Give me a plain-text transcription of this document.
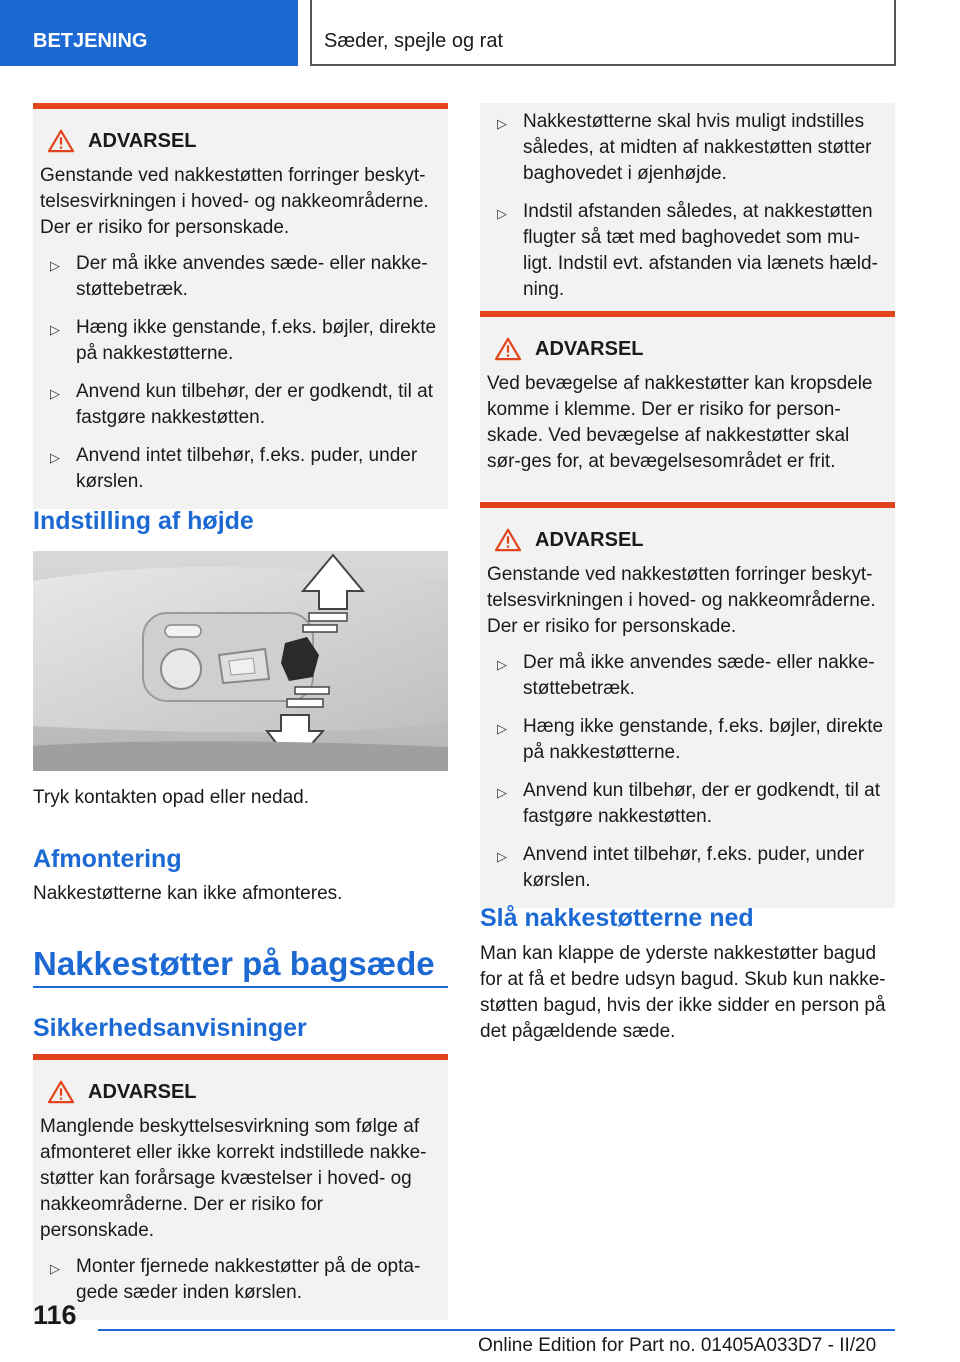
BETJENING	Sæder, spejle og rat
ADVARSEL
Genstande ved nakkestøtten forringer beskyt-telsesvirkningen i hoved- og nakkeområderne. Der er risiko for personskade.
▷ Der må ikke anvendes sæde- eller nakke-støttebetræk.
▷ Hæng ikke genstande, f.eks. bøjler, direkte på nakkestøtterne.
▷ Anvend kun tilbehør, der er godkendt, til at fastgøre nakkestøtten.
▷ Anvend intet tilbehør, f.eks. puder, under kørslen.
Indstilling af højde
Tryk kontakten opad eller nedad.
Afmontering
Nakkestøtterne kan ikke afmonteres.
Nakkestøtter på bagsæde
Sikkerhedsanvisninger
ADVARSEL
Manglende beskyttelsesvirkning som følge af afmonteret eller ikke korrekt indstillede nakke-støtter kan forårsage kvæstelser i hoved- og nakkeområderne. Der er risiko for personskade.
▷ Monter fjernede nakkestøtter på de opta-gede sæder inden kørslen.
▷ Nakkestøtterne skal hvis muligt indstilles således, at midten af nakkestøtten støtter baghovedet i øjenhøjde.
▷ Indstil afstanden således, at nakkestøtten flugter så tæt med baghovedet som mu-ligt. Indstil evt. afstanden via lænets hæld-ning.
ADVARSEL
Ved bevægelse af nakkestøtter kan kropsdele komme i klemme. Der er risiko for person-skade. Ved bevægelse af nakkestøtter skal sør-ges for, at bevægelsesområdet er frit.
ADVARSEL
Genstande ved nakkestøtten forringer beskyt-telsesvirkningen i hoved- og nakkeområderne. Der er risiko for personskade.
▷ Der må ikke anvendes sæde- eller nakke-støttebetræk.
▷ Hæng ikke genstande, f.eks. bøjler, direkte på nakkestøtterne.
▷ Anvend kun tilbehør, der er godkendt, til at fastgøre nakkestøtten.
▷ Anvend intet tilbehør, f.eks. puder, under kørslen.
Slå nakkestøtterne ned
Man kan klappe de yderste nakkestøtter bagud for at få et bedre udsyn bagud. Skub kun nakke-støtten bagud, hvis der ikke sidder en person på det pågældende sæde.
116
Online Edition for Part no. 01405A033D7 - II/20
